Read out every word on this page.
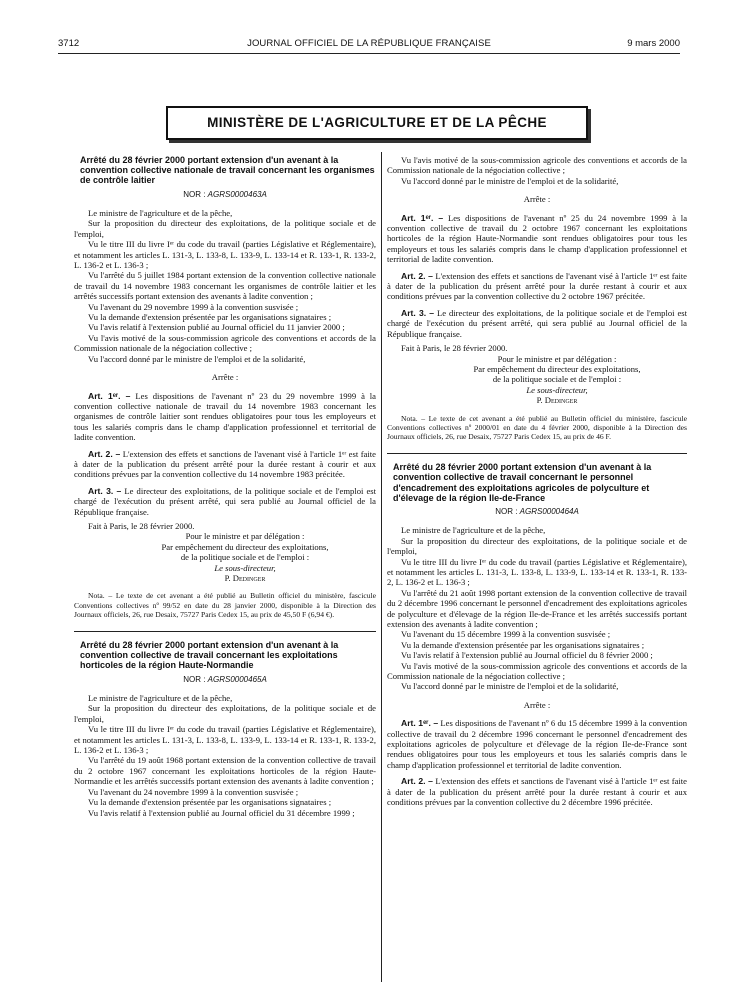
3712	JOURNAL OFFICIEL DE LA RÉPUBLIQUE FRANÇAISE	9 mars 2000
MINISTÈRE DE L'AGRICULTURE ET DE LA PÊCHE
Arrêté du 28 février 2000 portant extension d'un avenant à la convention collective nationale de travail concernant les organismes de contrôle laitier
NOR : AGRS0000463A

Le ministre de l'agriculture et de la pêche,

Sur la proposition du directeur des exploitations, de la politique sociale et de l'emploi,

Vu le titre III du livre Iᵉʳ du code du travail (parties Législative et Réglementaire), et notamment les articles L. 131-3, L. 133-8, L. 133-9, L. 133-14 et R. 133-1, R. 133-2, L. 136-2 et L. 136-3 ;

Vu l'arrêté du 5 juillet 1984 portant extension de la convention collective nationale de travail du 14 novembre 1983 concernant les organismes de contrôle laitier et les arrêtés successifs portant extension des avenants à ladite convention ;

Vu l'avenant du 29 novembre 1999 à la convention susvisée ;

Vu la demande d'extension présentée par les organisations signataires ;

Vu l'avis relatif à l'extension publié au Journal officiel du 11 janvier 2000 ;

Vu l'avis motivé de la sous-commission agricole des conventions et accords de la Commission nationale de la négociation collective ;

Vu l'accord donné par le ministre de l'emploi et de la solidarité,

Arrête :

Art. 1ᵉʳ. – Les dispositions de l'avenant nº 23 du 29 novembre 1999 à la convention collective nationale de travail du 14 novembre 1983 concernant les organismes de contrôle laitier sont rendues obligatoires pour tous les employeurs et tous les salariés compris dans le champ d'application professionnel et territorial de ladite convention.

Art. 2. – L'extension des effets et sanctions de l'avenant visé à l'article 1ᵉʳ est faite à dater de la publication du présent arrêté pour la durée restant à courir et aux conditions prévues par la convention collective du 14 novembre 1983 précitée.

Art. 3. – Le directeur des exploitations, de la politique sociale et de l'emploi est chargé de l'exécution du présent arrêté, qui sera publié au Journal officiel de la République française.

Fait à Paris, le 28 février 2000.

Pour le ministre et par délégation :

Par empêchement du directeur des exploitations,

de la politique sociale et de l'emploi :

Le sous-directeur,

P. Dedinger

Nota. – Le texte de cet avenant a été publié au Bulletin officiel du ministère, fascicule Conventions collectives nº 99/52 en date du 28 janvier 2000, disponible à la Direction des Journaux officiels, 26, rue Desaix, 75727 Paris Cedex 15, au prix de 45,50 F (6,94 €).

Arrêté du 28 février 2000 portant extension d'un avenant à la convention collective de travail concernant les exploitations horticoles de la région Haute-Normandie
NOR : AGRS0000465A

Le ministre de l'agriculture et de la pêche,

Sur la proposition du directeur des exploitations, de la politique sociale et de l'emploi,

Vu le titre III du livre Iᵉʳ du code du travail (parties Législative et Réglementaire), et notamment les articles L. 131-3, L. 133-8, L. 133-9, L. 133-14 et R. 133-1, R. 133-2, L. 136-2 et L. 136-3 ;

Vu l'arrêté du 19 août 1968 portant extension de la convention collective de travail du 2 octobre 1967 concernant les exploitations horticoles de la région Haute-Normandie et les arrêtés successifs portant extension des avenants à ladite convention ;

Vu l'avenant du 24 novembre 1999 à la convention susvisée ;

Vu la demande d'extension présentée par les organisations signataires ;

Vu l'avis relatif à l'extension publié au Journal officiel du 31 décembre 1999 ;

Vu l'avis motivé de la sous-commission agricole des conventions et accords de la Commission nationale de la négociation collective ;

Vu l'accord donné par le ministre de l'emploi et de la solidarité,

Arrête :

Art. 1ᵉʳ. – Les dispositions de l'avenant nº 25 du 24 novembre 1999 à la convention collective de travail du 2 octobre 1967 concernant les exploitations horticoles de la région Haute-Normandie sont rendues obligatoires pour tous les employeurs et tous les salariés compris dans le champ d'application professionnel et territorial de ladite convention.

Art. 2. – L'extension des effets et sanctions de l'avenant visé à l'article 1ᵉʳ est faite à dater de la publication du présent arrêté pour la durée restant à courir et aux conditions prévues par la convention collective du 2 octobre 1967 précitée.

Art. 3. – Le directeur des exploitations, de la politique sociale et de l'emploi est chargé de l'exécution du présent arrêté, qui sera publié au Journal officiel de la République française.

Fait à Paris, le 28 février 2000.

Pour le ministre et par délégation :

Par empêchement du directeur des exploitations,

de la politique sociale et de l'emploi :

Le sous-directeur,

P. Dedinger

Nota. – Le texte de cet avenant a été publié au Bulletin officiel du ministère, fascicule Conventions collectives nº 2000/01 en date du 4 février 2000, disponible à la Direction des Journaux officiels, 26, rue Desaix, 75727 Paris Cedex 15, au prix de 46 F.

Arrêté du 28 février 2000 portant extension d'un avenant à la convention collective de travail concernant le personnel d'encadrement des exploitations agricoles de polyculture et d'élevage de la région Ile-de-France
NOR : AGRS0000464A

Le ministre de l'agriculture et de la pêche,

Sur la proposition du directeur des exploitations, de la politique sociale et de l'emploi,

Vu le titre III du livre Iᵉʳ du code du travail (parties Législative et Réglementaire), et notamment les articles L. 131-3, L. 133-8, L. 133-9, L. 133-14 et R. 133-1, R. 133-2, L. 136-2 et L. 136-3 ;

Vu l'arrêté du 21 août 1998 portant extension de la convention collective de travail du 2 décembre 1996 concernant le personnel d'encadrement des exploitations agricoles de polyculture et d'élevage de la région Ile-de-France et les arrêtés successifs portant extension des avenants à ladite convention ;

Vu l'avenant du 15 décembre 1999 à la convention susvisée ;

Vu la demande d'extension présentée par les organisations signataires ;

Vu l'avis relatif à l'extension publié au Journal officiel du 8 février 2000 ;

Vu l'avis motivé de la sous-commission agricole des conventions et accords de la Commission nationale de la négociation collective ;

Vu l'accord donné par le ministre de l'emploi et de la solidarité,

Arrête :

Art. 1ᵉʳ. – Les dispositions de l'avenant nº 6 du 15 décembre 1999 à la convention collective de travail du 2 décembre 1996 concernant le personnel d'encadrement des exploitations agricoles de polyculture et d'élevage de la région Ile-de-France sont rendues obligatoires pour tous les employeurs et tous les salariés compris dans le champ d'application professionnel et territorial de ladite convention.

Art. 2. – L'extension des effets et sanctions de l'avenant visé à l'article 1ᵉʳ est faite à dater de la publication du présent arrêté pour la durée restant à courir et aux conditions prévues par la convention collective du 2 décembre 1996 précitée.
